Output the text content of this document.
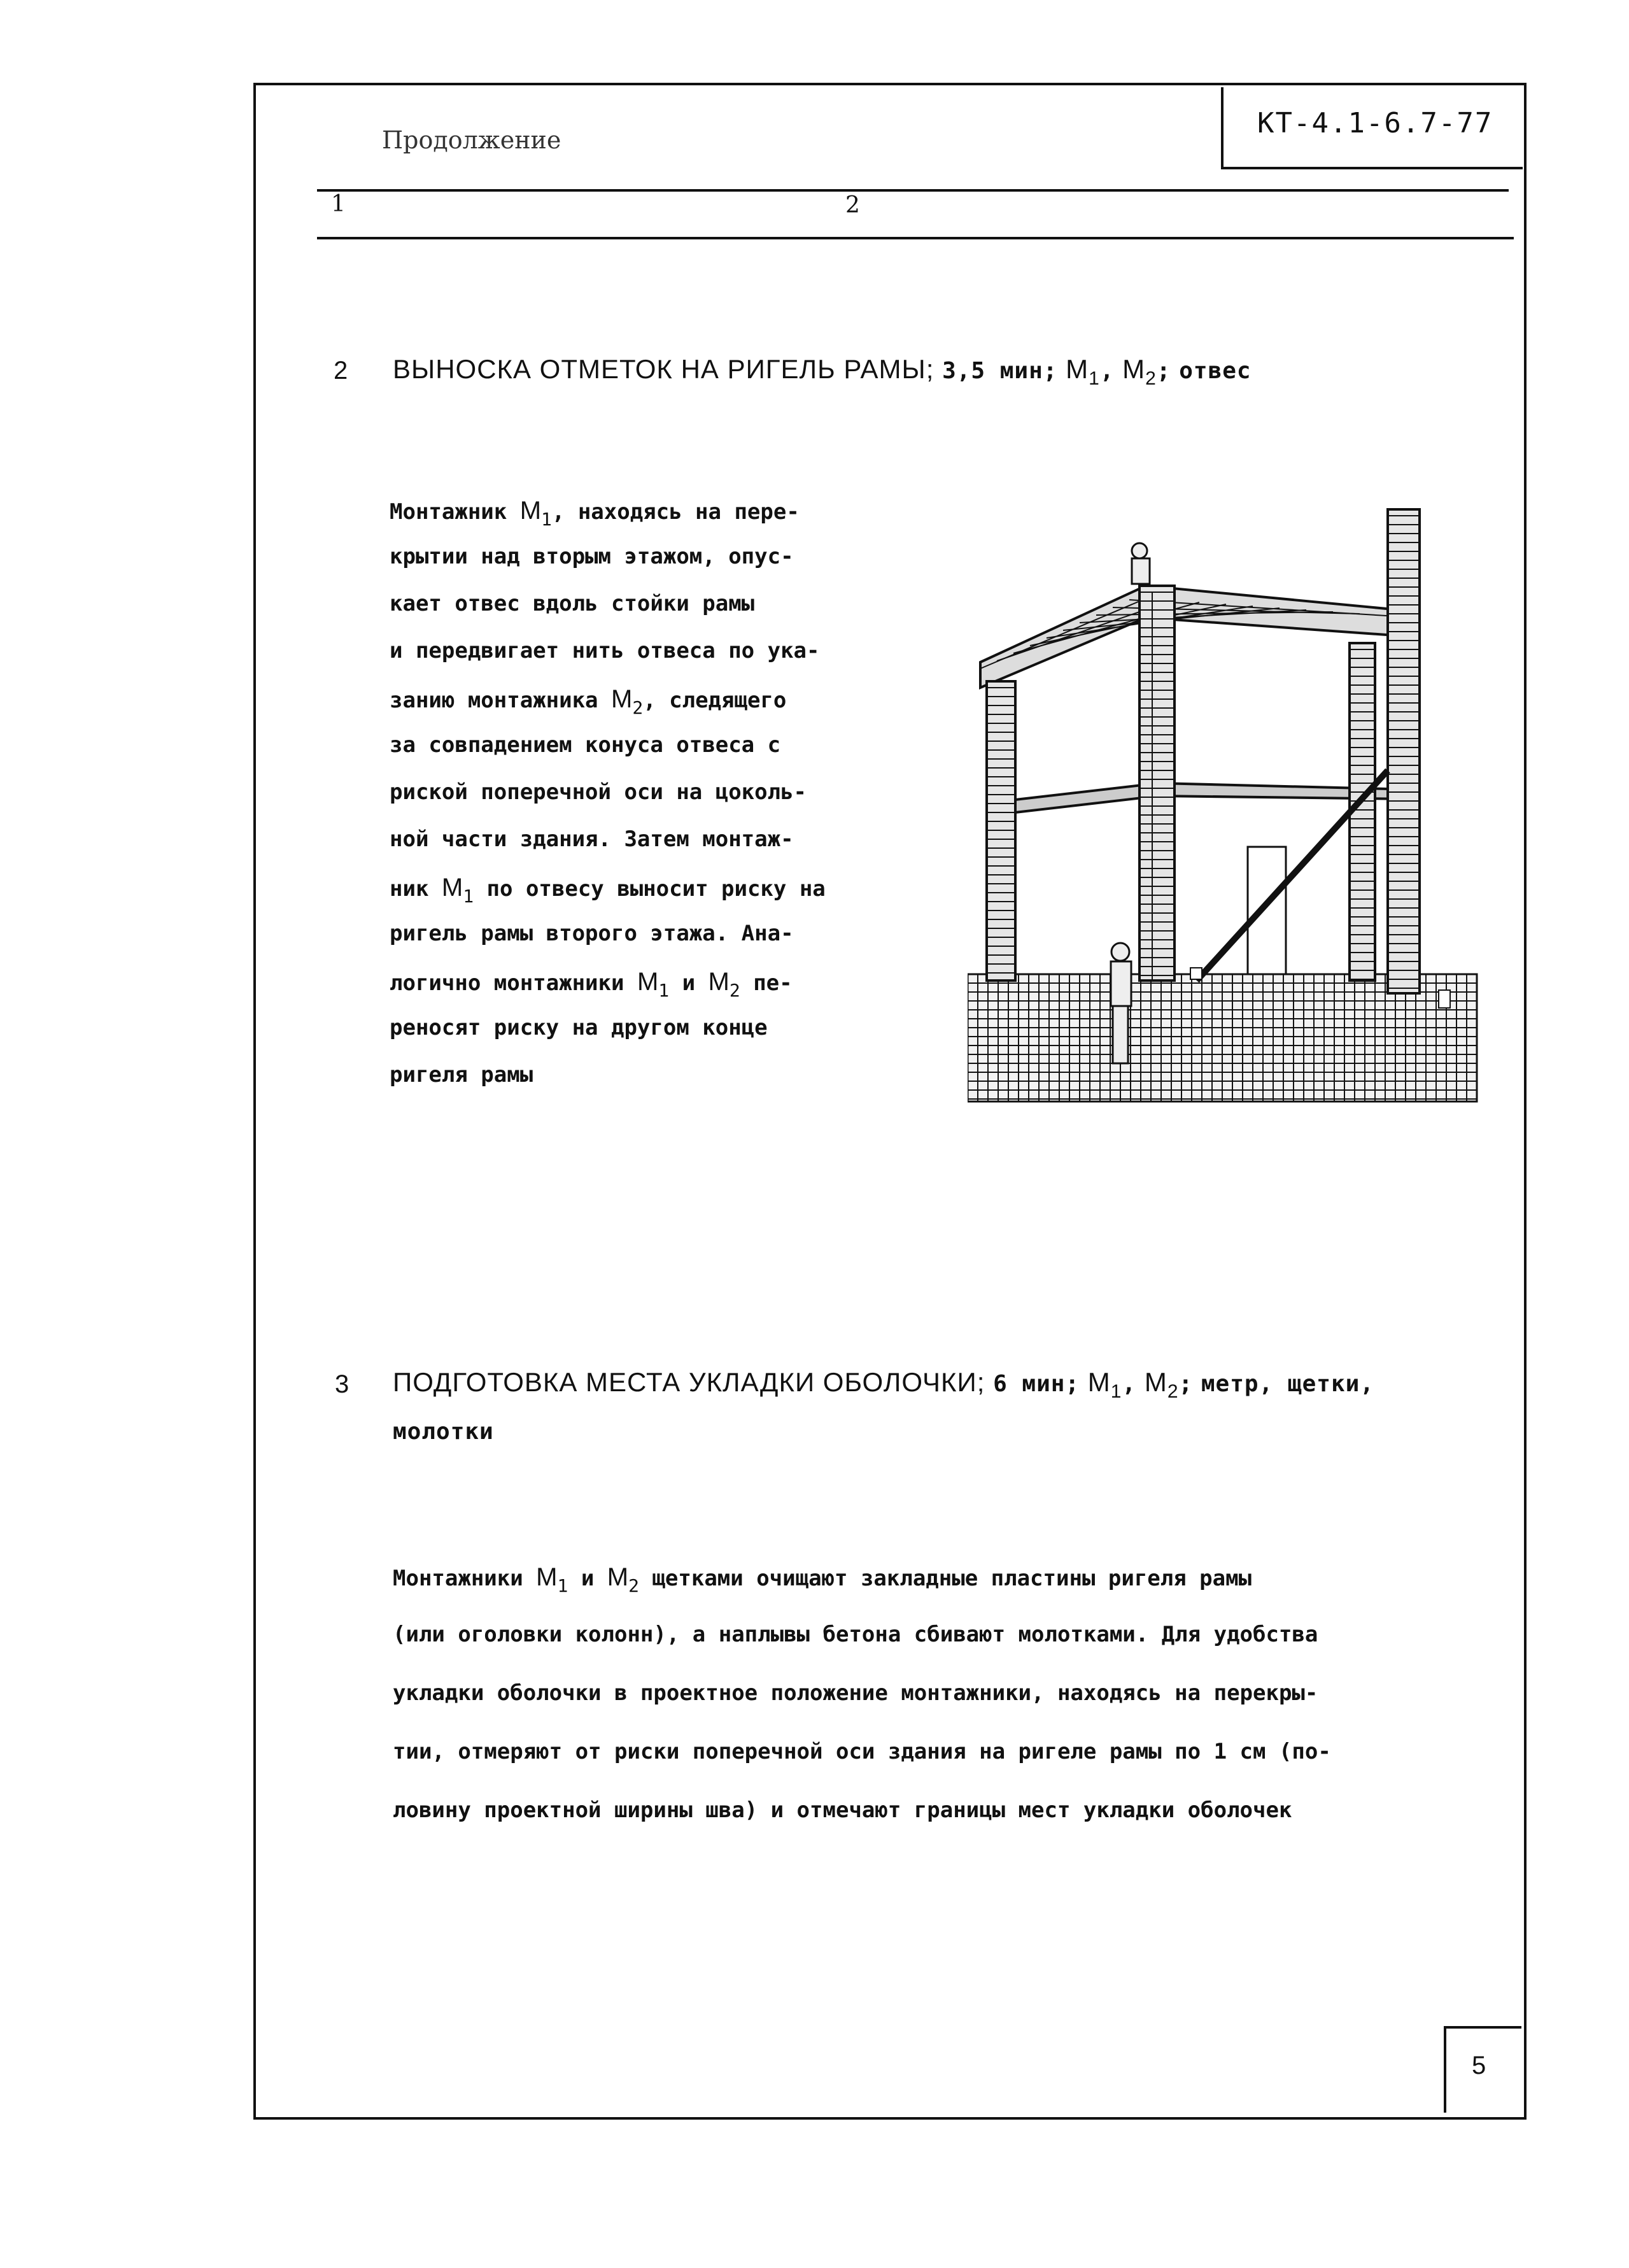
КТ-4.1-6.7-77
Продолжение
1	2
2 ВЫНОСКА ОТМЕТОК НА РИГЕЛЬ РАМЫ; 3,5 мин; $М_1$, $М_2$; отвес
Монтажник $М_1$, находясь на пере-
крытии над вторым этажом, опус-
кает отвес вдоль стойки рамы
и передвигает нить отвеса по ука-
занию монтажника $М_2$, следящего
за совпадением конуса отвеса с
риской поперечной оси на цоколь-
ной части здания. Затем монтаж-
ник $М_1$ по отвесу выносит риску на
ригель рамы второго этажа. Ана-
логично монтажники $М_1$ и $М_2$ пе-
реносят риску на другом конце
ригеля рамы
3 ПОДГОТОВКА МЕСТА УКЛАДКИ ОБОЛОЧКИ; 6 мин; $М_1$, $М_2$; метр, щетки,
молотки
Монтажники $М_1$ и $М_2$ щетками очищают закладные пластины ригеля рамы
(или оголовки колонн), а наплывы бетона сбивают молотками. Для удобства
укладки оболочки в проектное положение монтажники, находясь на перекры-
тии, отмеряют от риски поперечной оси здания на ригеле рамы по 1 см (по-
ловину проектной ширины шва) и отмечают границы мест укладки оболочек
5
